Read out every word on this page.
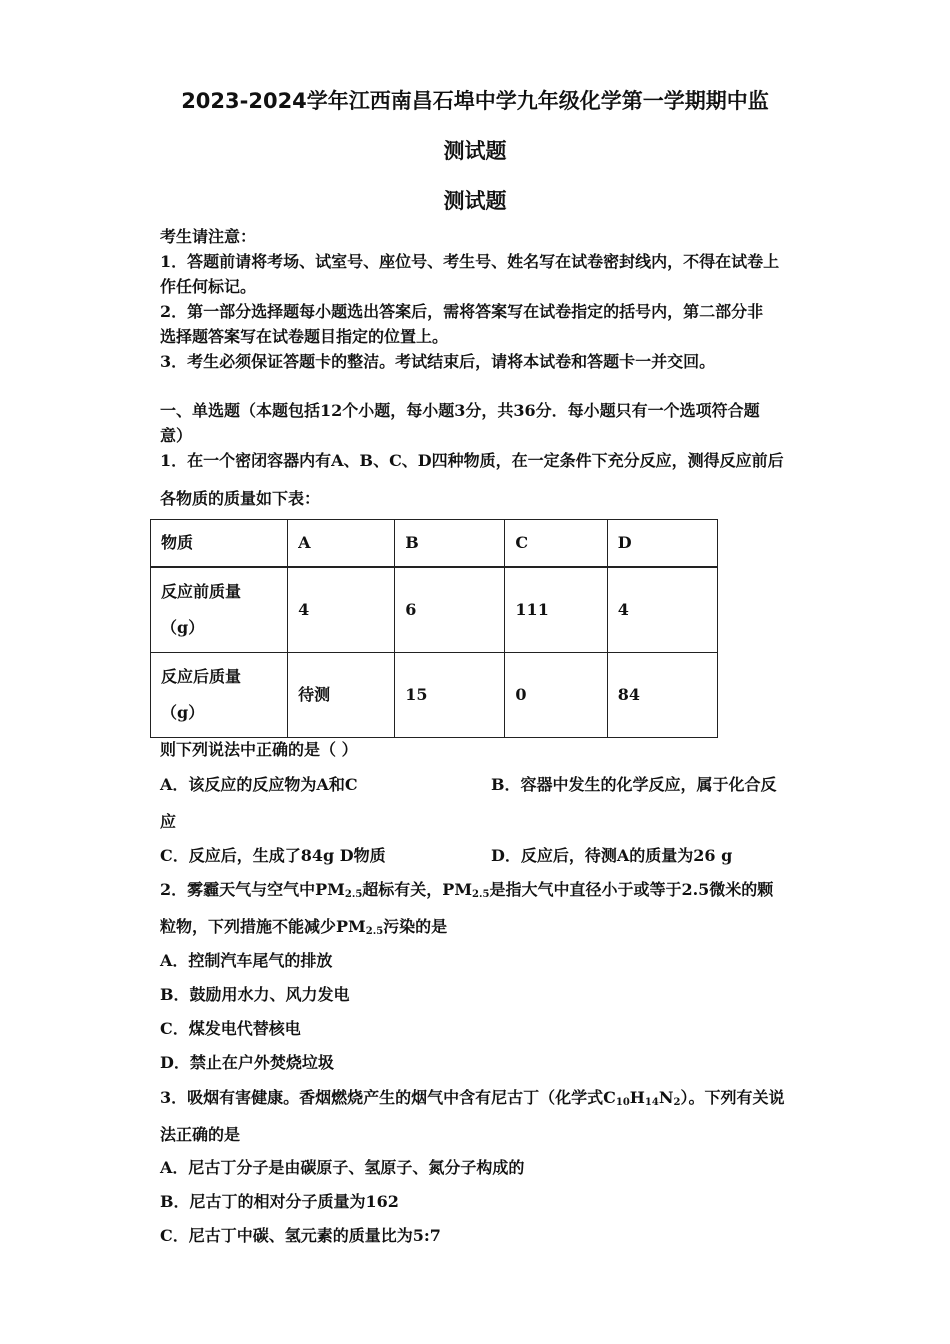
2023-2024学年江西南昌石埠中学九年级化学第一学期期中监
测试题
测试题
考生请注意：
1．答题前请将考场、试室号、座位号、考生号、姓名写在试卷密封线内，不得在试卷上
作任何标记。
2．第一部分选择题每小题选出答案后，需将答案写在试卷指定的括号内，第二部分非
选择题答案写在试卷题目指定的位置上。
3．考生必须保证答题卡的整洁。考试结束后，请将本试卷和答题卡一并交回。
一、单选题（本题包括12个小题，每小题3分，共36分．每小题只有一个选项符合题
意）
1．在一个密闭容器内有A、B、C、D四种物质，在一定条件下充分反应，测得反应前后
各物质的质量如下表：
物质	A	B	C	D

反应前质量
（g）	4	6	111	4

反应后质量
（g）	待测	15	0	84
则下列说法中正确的是（ ）
A．该反应的反应物为A和C	B．容器中发生的化学反应，属于化合反
应
C．反应后，生成了84g D物质	D．反应后，待测A的质量为26 g
2．雾霾天气与空气中$PM_{2.5}$超标有关，$PM_{2.5}$是指大气中直径小于或等于2.5微米的颗
粒物，下列措施不能减少$PM_{2.5}$污染的是
A．控制汽车尾气的排放
B．鼓励用水力、风力发电
C．煤发电代替核电
D．禁止在户外焚烧垃圾
3．吸烟有害健康。香烟燃烧产生的烟气中含有尼古丁（化学式$C_{10}H_{14}N_2$）。下列有关说
法正确的是
A．尼古丁分子是由碳原子、氢原子、氮分子构成的
B．尼古丁的相对分子质量为162
C．尼古丁中碳、氢元素的质量比为5:7
